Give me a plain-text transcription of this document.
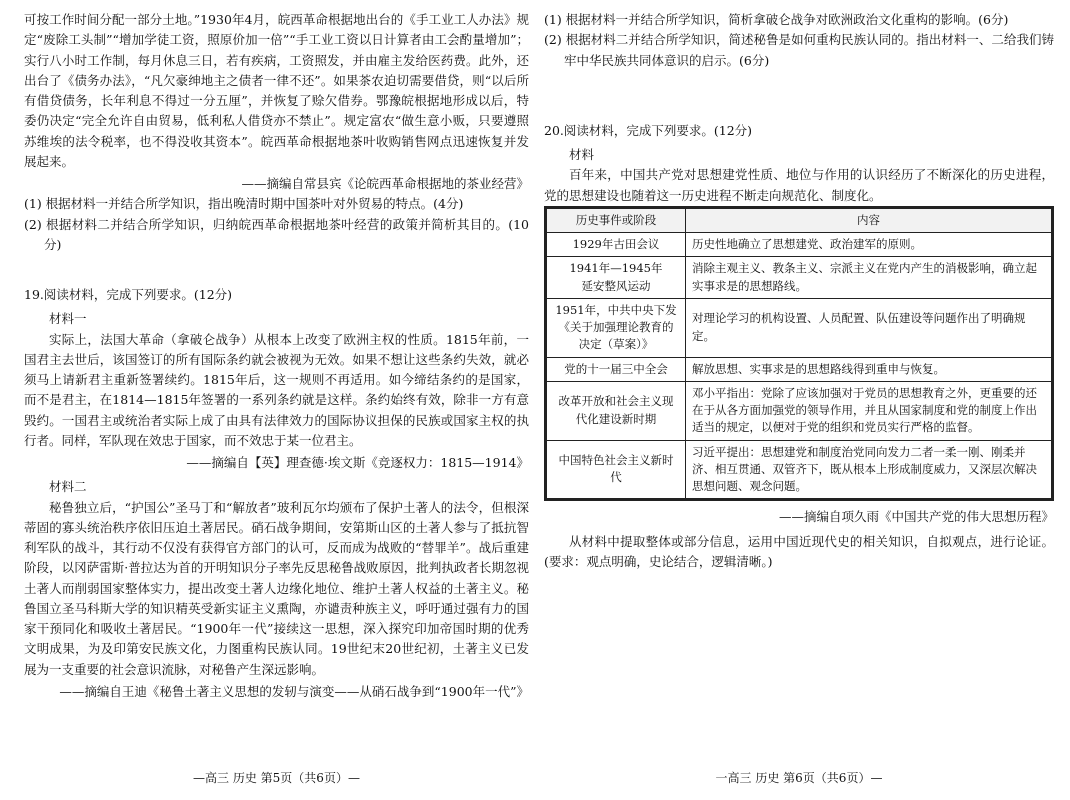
可按工作时间分配一部分土地。”1930年4月，皖西革命根据地出台的《手工业工人办法》规定“废除工头制”“增加学徒工资，照原价加一倍”“手工业工资以日计算者由工会酌量增加”；实行八小时工作制，每月休息三日，若有疾病，工资照发，并由雇主发给医药费。此外，还出台了《债务办法》，“凡欠豪绅地主之债者一律不还”。如果茶农迫切需要借贷，则“以后所有借贷债务，长年利息不得过一分五厘”，并恢复了赊欠借券。鄂豫皖根据地形成以后，特委仍决定“完全允许自由贸易，低利私人借贷亦不禁止”。规定富农“做生意小贩，只要遵照苏维埃的法令税率，也不得没收其资本”。皖西革命根据地茶叶收购销售网点迅速恢复并发展起来。

——摘编自常县宾《论皖西革命根据地的茶业经营》

(1) 根据材料一并结合所学知识，指出晚清时期中国茶叶对外贸易的特点。(4分)

(2) 根据材料二并结合所学知识，归纳皖西革命根据地茶叶经营的政策并简析其目的。(10分)

19.阅读材料，完成下列要求。(12分)

材料一

实际上，法国大革命（拿破仑战争）从根本上改变了欧洲主权的性质。1815年前，一国君主去世后，该国签订的所有国际条约就会被视为无效。如果不想让这些条约失效，就必须马上请新君主重新签署续约。1815年后，这一规则不再适用。如今缔结条约的是国家，而不是君主，在1814—1815年签署的一系列条约就是这样。条约始终有效，除非一方有意毁约。一国君主或统治者实际上成了由具有法律效力的国际协议担保的民族或国家主权的执行者。同样，军队现在效忠于国家，而不效忠于某一位君主。

——摘编自【英】理查德·埃文斯《竞逐权力：1815—1914》

材料二

秘鲁独立后，“护国公”圣马丁和“解放者”玻利瓦尔均颁布了保护土著人的法令，但根深蒂固的寡头统治秩序依旧压迫土著居民。硝石战争期间，安第斯山区的土著人参与了抵抗智利军队的战斗，其行动不仅没有获得官方部门的认可，反而成为战败的“替罪羊”。战后重建阶段，以冈萨雷斯·普拉达为首的开明知识分子率先反思秘鲁战败原因，批判执政者长期忽视土著人而削弱国家整体实力，提出改变土著人边缘化地位、维护土著人权益的土著主义。秘鲁国立圣马科斯大学的知识精英受新实证主义熏陶，亦谴责种族主义，呼吁通过强有力的国家干预同化和吸收土著居民。“1900年一代”接续这一思想，深入探究印加帝国时期的优秀文明成果，为及印第安民族文化，力图重构民族认同。19世纪末20世纪初，土著主义已发展为一支重要的社会意识流脉，对秘鲁产生深远影响。

——摘编自王迪《秘鲁土著主义思想的发轫与演变——从硝石战争到“1900年一代”》

—高三 历史 第5页（共6页）—

(1) 根据材料一并结合所学知识，简析拿破仑战争对欧洲政治文化重构的影响。(6分)

(2) 根据材料二并结合所学知识，简述秘鲁是如何重构民族认同的。指出材料一、二给我们铸牢中华民族共同体意识的启示。(6分)

20.阅读材料，完成下列要求。(12分)

材料

百年来，中国共产党对思想建党性质、地位与作用的认识经历了不断深化的历史进程，党的思想建设也随着这一历史进程不断走向规范化、制度化。

历史事件或阶段	内容
1929年古田会议	历史性地确立了思想建党、政治建军的原则。
1941年—1945年
延安整风运动	消除主观主义、教条主义、宗派主义在党内产生的消极影响，确立起实事求是的思想路线。
1951年，中共中央下发《关于加强理论教育的决定（草案）》	对理论学习的机构设置、人员配置、队伍建设等问题作出了明确规定。
党的十一届三中全会	解放思想、实事求是的思想路线得到重申与恢复。
改革开放和社会主义现代化建设新时期	邓小平指出：党除了应该加强对于党员的思想教育之外，更重要的还在于从各方面加强党的领导作用，并且从国家制度和党的制度上作出适当的规定，以便对于党的组织和党员实行严格的监督。
中国特色社会主义新时代	习近平提出：思想建党和制度治党同向发力二者一柔一刚、刚柔并济、相互贯通、双管齐下，既从根本上形成制度威力，又深层次解决思想问题、观念问题。

——摘编自项久雨《中国共产党的伟大思想历程》

从材料中提取整体或部分信息，运用中国近现代史的相关知识，自拟观点，进行论证。(要求：观点明确，史论结合，逻辑清晰。)

一高三 历史 第6页（共6页）—
